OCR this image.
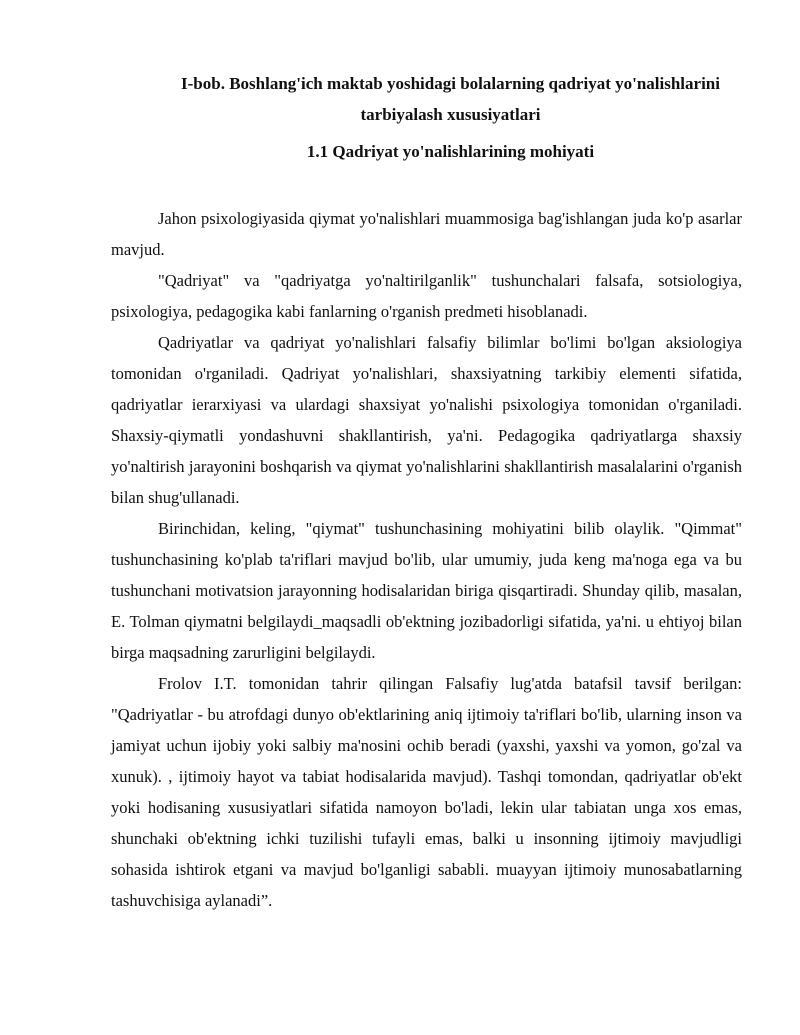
I-bob. Boshlang'ich maktab yoshidagi bolalarning qadriyat yo'nalishlarini
tarbiyalash xususiyatlari
1.1 Qadriyat yo'nalishlarining mohiyati

Jahon psixologiyasida qiymat yo'nalishlari muammosiga bag'ishlangan juda ko'p asarlar mavjud.

"Qadriyat" va "qadriyatga yo'naltirilganlik" tushunchalari falsafa, sotsiologiya, psixologiya, pedagogika kabi fanlarning o'rganish predmeti hisoblanadi.

Qadriyatlar va qadriyat yo'nalishlari falsafiy bilimlar bo'limi bo'lgan aksiologiya tomonidan o'rganiladi. Qadriyat yo'nalishlari, shaxsiyatning tarkibiy elementi sifatida, qadriyatlar ierarxiyasi va ulardagi shaxsiyat yo'nalishi psixologiya tomonidan o'rganiladi. Shaxsiy-qiymatli yondashuvni shakllantirish, ya'ni. Pedagogika qadriyatlarga shaxsiy yo'naltirish jarayonini boshqarish va qiymat yo'nalishlarini shakllantirish masalalarini o'rganish bilan shug'ullanadi.

Birinchidan, keling, "qiymat" tushunchasining mohiyatini bilib olaylik. "Qimmat" tushunchasining ko'plab ta'riflari mavjud bo'lib, ular umumiy, juda keng ma'noga ega va bu tushunchani motivatsion jarayonning hodisalaridan biriga qisqartiradi. Shunday qilib, masalan, E. Tolman qiymatni belgilaydi_maqsadli ob'ektning jozibadorligi sifatida, ya'ni. u ehtiyoj bilan birga maqsadning zarurligini belgilaydi.

Frolov I.T. tomonidan tahrir qilingan Falsafiy lug'atda batafsil tavsif berilgan: "Qadriyatlar - bu atrofdagi dunyo ob'ektlarining aniq ijtimoiy ta'riflari bo'lib, ularning inson va jamiyat uchun ijobiy yoki salbiy ma'nosini ochib beradi (yaxshi, yaxshi va yomon, go'zal va xunuk). , ijtimoiy hayot va tabiat hodisalarida mavjud). Tashqi tomondan, qadriyatlar ob'ekt yoki hodisaning xususiyatlari sifatida namoyon bo'ladi, lekin ular tabiatan unga xos emas, shunchaki ob'ektning ichki tuzilishi tufayli emas, balki u insonning ijtimoiy mavjudligi sohasida ishtirok etgani va mavjud bo'lganligi sababli. muayyan ijtimoiy munosabatlarning tashuvchisiga aylanadi”.
